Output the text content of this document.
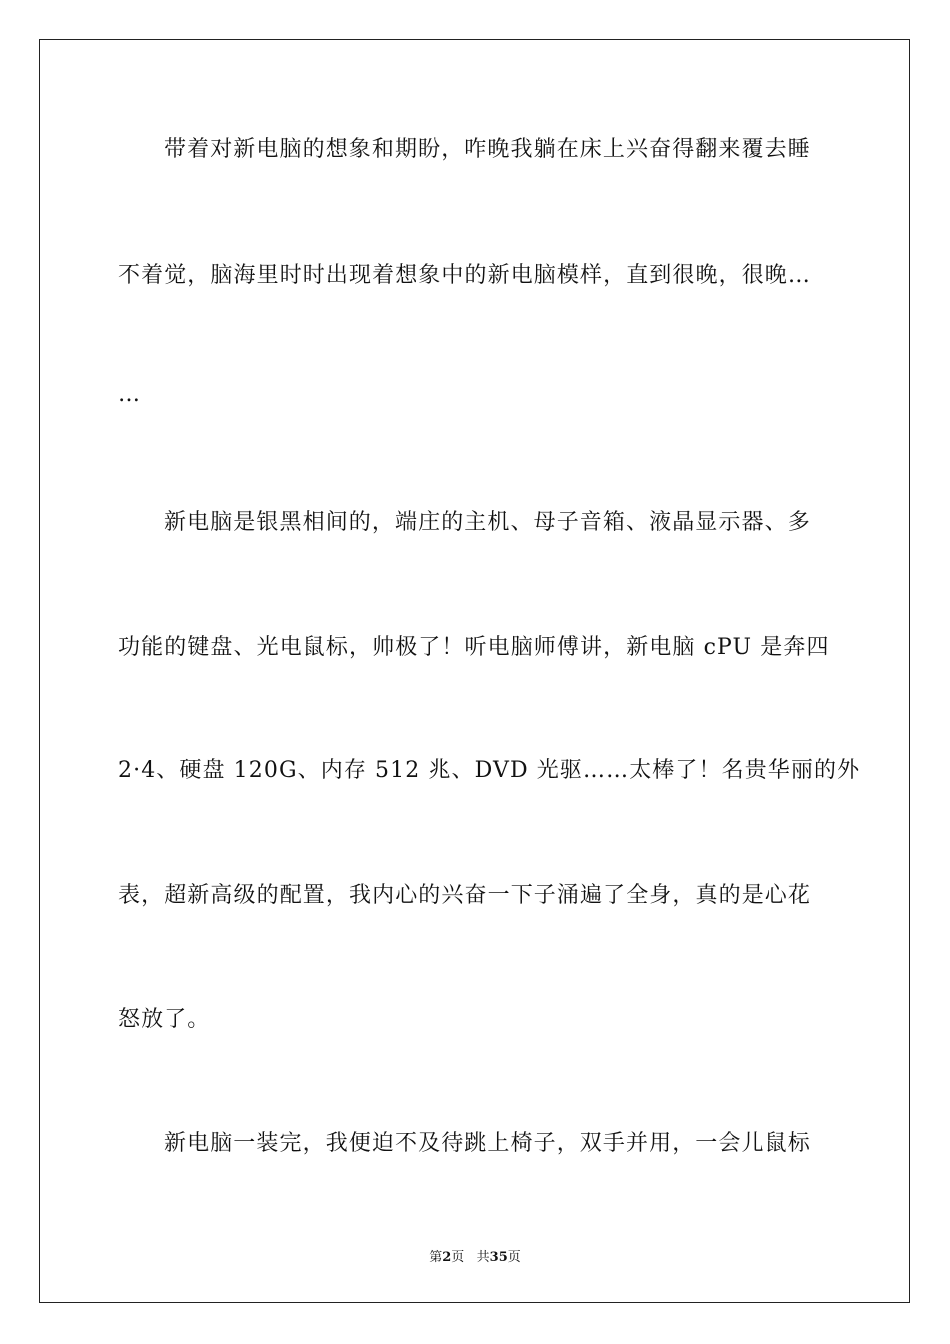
带着对新电脑的想象和期盼，咋晚我躺在床上兴奋得翻来覆去睡
不着觉，脑海里时时出现着想象中的新电脑模样，直到很晚，很晚…
…
新电脑是银黑相间的，端庄的主机、母子音箱、液晶显示器、多
功能的键盘、光电鼠标，帅极了！听电脑师傅讲，新电脑 cPU 是奔四
2·4、硬盘 120G、内存 512 兆、DVD 光驱……太棒了！名贵华丽的外
表，超新高级的配置，我内心的兴奋一下子涌遍了全身，真的是心花
怒放了。
新电脑一装完，我便迫不及待跳上椅子，双手并用，一会儿鼠标
第2页   共35页
